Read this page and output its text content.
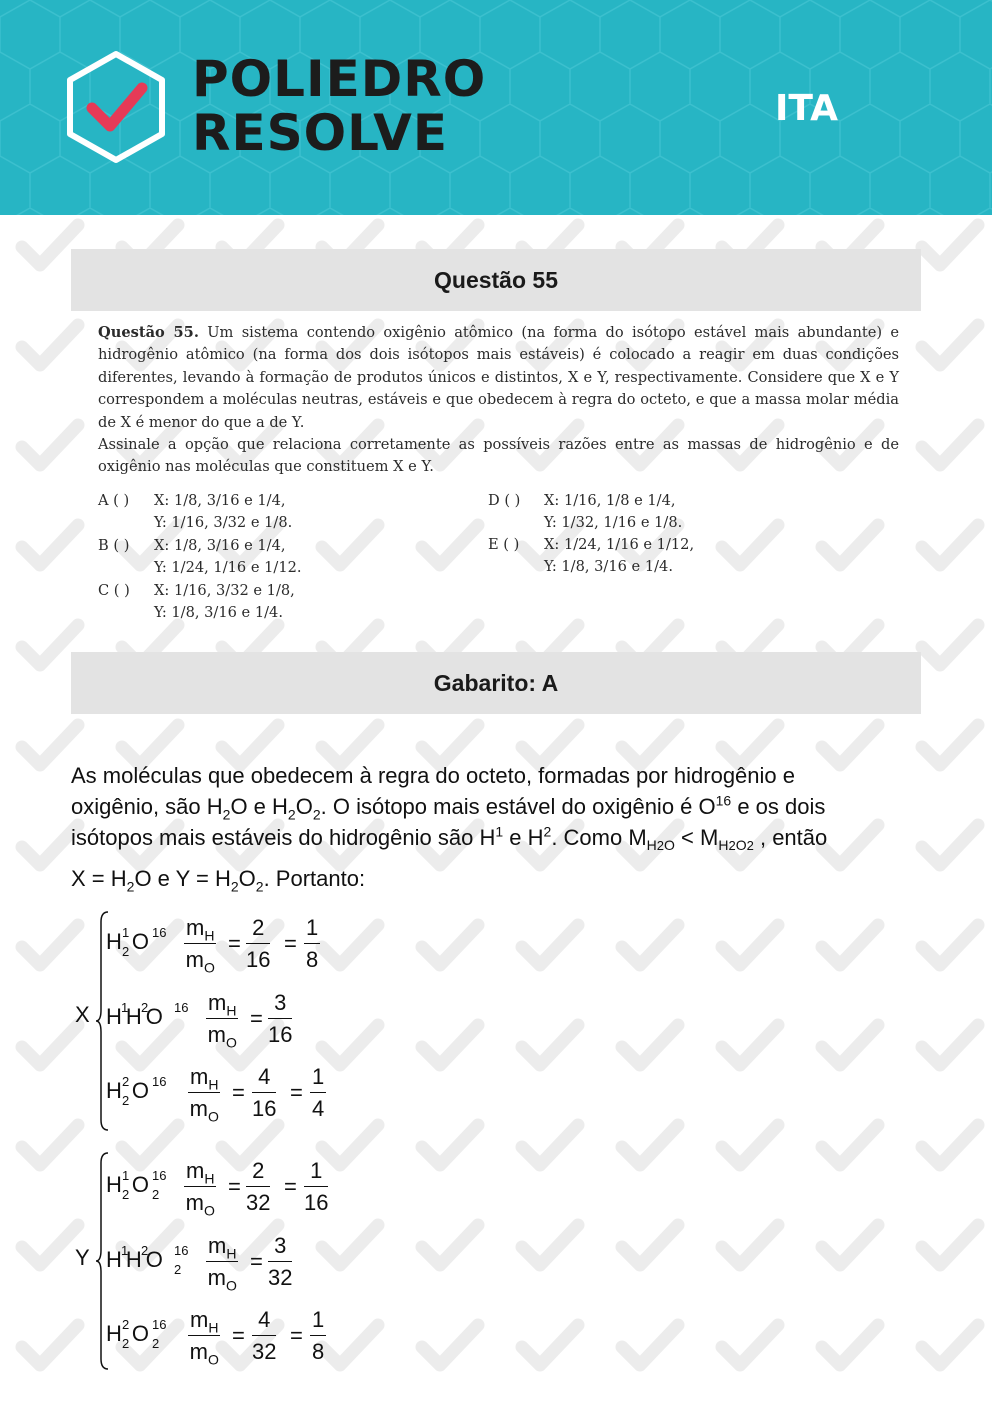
POLIEDRO
RESOLVE	ITA
Questão 55

Questão 55. Um sistema contendo oxigênio atômico (na forma do isótopo estável mais abundante) e hidrogênio atômico (na forma dos dois isótopos mais estáveis) é colocado a reagir em duas condições diferentes, levando à formação de produtos únicos e distintos, X e Y, respectivamente. Considere que X e Y correspondem a moléculas neutras, estáveis e que obedecem à regra do octeto, e que a massa molar média de X é menor do que a de Y.

Assinale a opção que relaciona corretamente as possíveis razões entre as massas de hidrogênio e de oxigênio nas moléculas que constituem X e Y.

A ( ) X: 1/8, 3/16 e 1/4,
Y: 1/16, 3/32 e 1/8.
B ( ) X: 1/8, 3/16 e 1/4,
Y: 1/24, 1/16 e 1/12.
C ( ) X: 1/16, 3/32 e 1/8,
Y: 1/8, 3/16 e 1/4.
D ( ) X: 1/16, 1/8 e 1/4,
Y: 1/32, 1/16 e 1/8.
E ( ) X: 1/24, 1/16 e 1/12,
Y: 1/8, 3/16 e 1/4.
Gabarito: A
As moléculas que obedecem à regra do octeto, formadas por hidrogênio e
oxigênio, são $H_2O$ e $H_2O_2$. O isótopo mais estável do oxigênio é $O^{16}$ e os dois
isótopos mais estáveis do hidrogênio são $H^1$ e $H^2$. Como $M_{H2O} < M_{H2O2}$ , então
$X = H_2O$ e $Y = H_2O_2$. Portanto:
X
H 1
2 O $16 \frac{m_H}{m_O} = \frac{2}{16} = \frac{1}{8}$
H 1
H 2
O $16 \frac{m_H}{m_O} = \frac{3}{16}$
H 2
2 O $16 \frac{m_H}{m_O} = \frac{4}{16} = \frac{1}{4}$
Y
H 1
2 O 16
$2 \frac{m_H}{m_O} = \frac{2}{32} = \frac{1}{16}$
H 1
H 2
O 16
$2 \frac{m_H}{m_O} = \frac{3}{32}$
H 2
2 O 16
$2 \frac{m_H}{m_O} = \frac{4}{32} = \frac{1}{8}$
